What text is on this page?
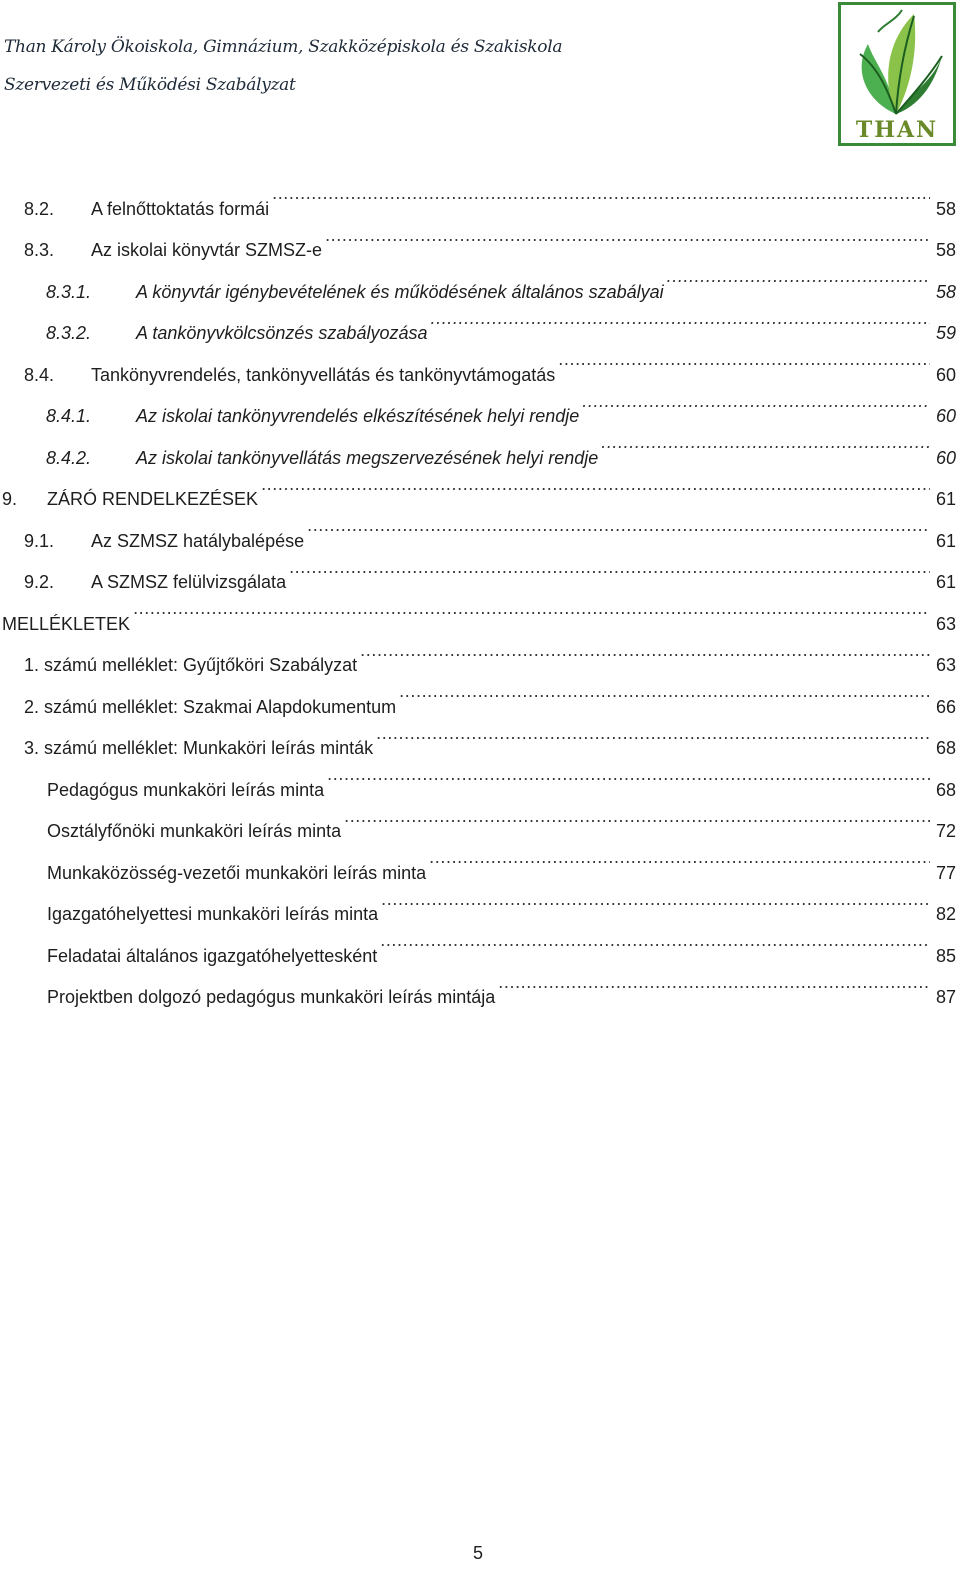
Than Károly Ökoiskola, Gimnázium, Szakközépiskola és Szakiskola
Szervezeti és Működési Szabályzat
THAN
8.2.	A felnőttoktatás formái .....	58
8.3.	Az iskolai könyvtár SZMSZ-e .....	58
8.3.1.	A könyvtár igénybevételének és működésének általános szabályai .....	58
8.3.2.	A tankönyvkölcsönzés szabályozása .....	59
8.4.	Tankönyvrendelés, tankönyvellátás és tankönyvtámogatás .....	60
8.4.1.	Az iskolai tankönyvrendelés elkészítésének helyi rendje .....	60
8.4.2.	Az iskolai tankönyvellátás megszervezésének helyi rendje .....	60
9.	ZÁRÓ RENDELKEZÉSEK .....	61
9.1.	Az SZMSZ hatálybalépése .....	61
9.2.	A SZMSZ felülvizsgálata .....	61
MELLÉKLETEK .....	63
1. számú melléklet: Gyűjtőköri Szabályzat .....	63
2. számú melléklet: Szakmai Alapdokumentum .....	66
3. számú melléklet: Munkaköri leírás minták .....	68
Pedagógus munkaköri leírás minta .....	68
Osztályfőnöki munkaköri leírás minta .....	72
Munkaközösség-vezetői munkaköri leírás minta .....	77
Igazgatóhelyettesi munkaköri leírás minta .....	82
Feladatai általános igazgatóhelyettesként .....	85
Projektben dolgozó pedagógus munkaköri leírás mintája .....	87
5
